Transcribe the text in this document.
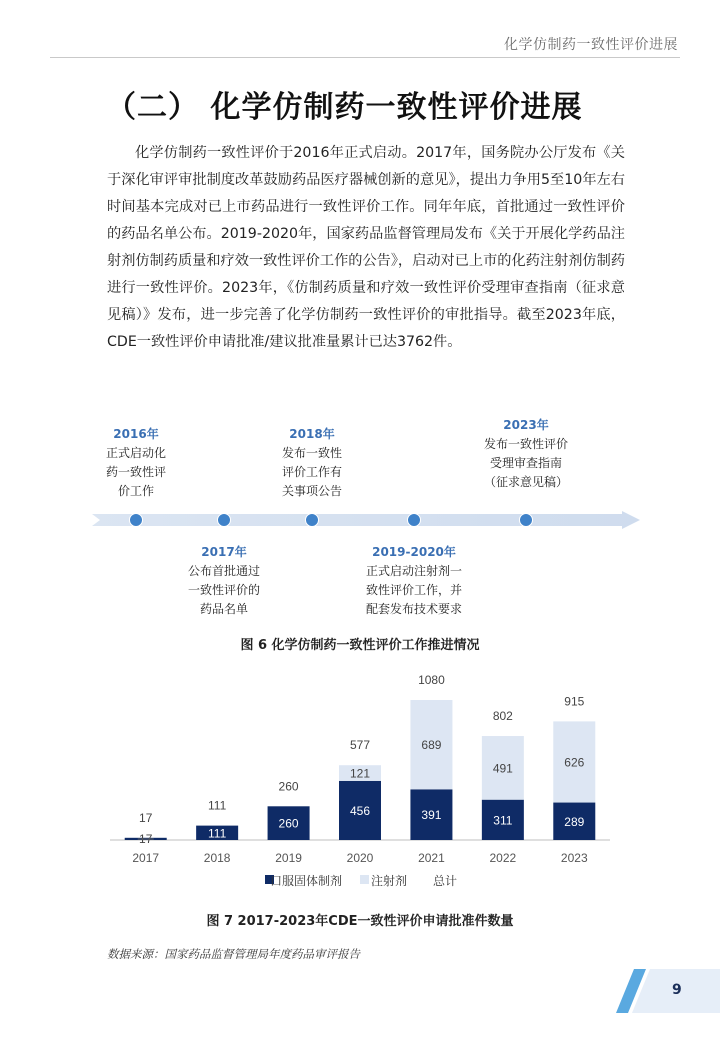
化学仿制药一致性评价进展
（二） 化学仿制药一致性评价进展

化学仿制药一致性评价于2016年正式启动。2017年，国务院办公厅发布《关于深化审评审批制度改革鼓励药品医疗器械创新的意见》，提出力争用5至10年左右时间基本完成对已上市药品进行一致性评价工作。同年年底，首批通过一致性评价的药品名单公布。2019-2020年，国家药品监督管理局发布《关于开展化学药品注射剂仿制药质量和疗效一致性评价工作的公告》，启动对已上市的化药注射剂仿制药进行一致性评价。2023年，《仿制药质量和疗效一致性评价受理审查指南（征求意见稿）》发布，进一步完善了化学仿制药一致性评价的审批指导。截至2023年底，CDE一致性评价申请批准/建议批准量累计已达3762件。

2016年
正式启动化
药一致性评
价工作
2017年
公布首批通过
一致性评价的
药品名单
2018年
发布一致性
评价工作有
关事项公告
2019-2020年
正式启动注射剂一
致性评价工作，并
配套发布技术要求
2023年
发布一致性评价
受理审查指南
（征求意见稿）
图 6 化学仿制药一致性评价工作推进情况
17
17
2017
111
111
2018
260
260
2019
456
121
577
2020
391
689
1080
2021
311
491
802
2022
289
626
915
2023
口服固体制剂 注射剂 总计
图 7 2017-2023年CDE一致性评价申请批准件数量
数据来源：国家药品监督管理局年度药品审评报告
9
